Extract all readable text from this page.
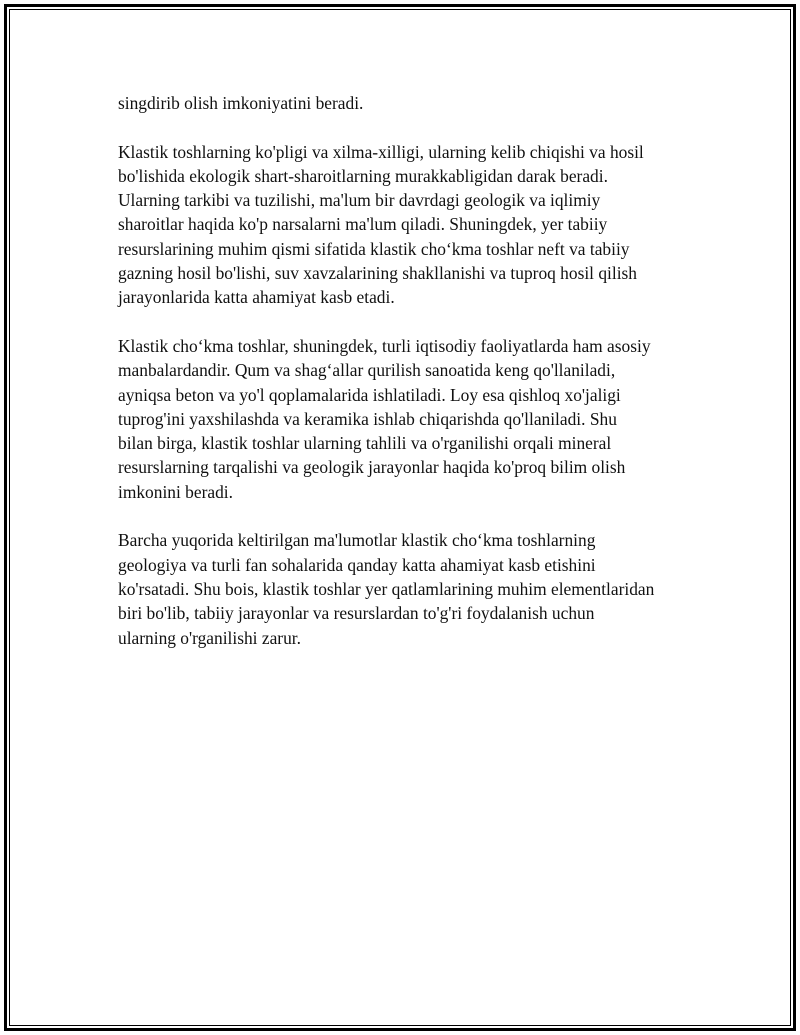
singdirib olish imkoniyatini beradi.

Klastik toshlarning ko'pligi va xilma-xilligi, ularning kelib chiqishi va hosil
bo'lishida ekologik shart-sharoitlarning murakkabligidan darak beradi.
Ularning tarkibi va tuzilishi, ma'lum bir davrdagi geologik va iqlimiy
sharoitlar haqida ko'p narsalarni ma'lum qiladi. Shuningdek, yer tabiiy
resurslarining muhim qismi sifatida klastik cho‘kma toshlar neft va tabiiy
gazning hosil bo'lishi, suv xavzalarining shakllanishi va tuproq hosil qilish
jarayonlarida katta ahamiyat kasb etadi.

Klastik cho‘kma toshlar, shuningdek, turli iqtisodiy faoliyatlarda ham asosiy
manbalardandir. Qum va shag‘allar qurilish sanoatida keng qo'llaniladi,
ayniqsa beton va yo'l qoplamalarida ishlatiladi. Loy esa qishloq xo'jaligi
tuprog'ini yaxshilashda va keramika ishlab chiqarishda qo'llaniladi. Shu
bilan birga, klastik toshlar ularning tahlili va o'rganilishi orqali mineral
resurslarning tarqalishi va geologik jarayonlar haqida ko'proq bilim olish
imkonini beradi.

Barcha yuqorida keltirilgan ma'lumotlar klastik cho‘kma toshlarning
geologiya va turli fan sohalarida qanday katta ahamiyat kasb etishini
ko'rsatadi. Shu bois, klastik toshlar yer qatlamlarining muhim elementlaridan
biri bo'lib, tabiiy jarayonlar va resurslardan to'g'ri foydalanish uchun
ularning o'rganilishi zarur.
